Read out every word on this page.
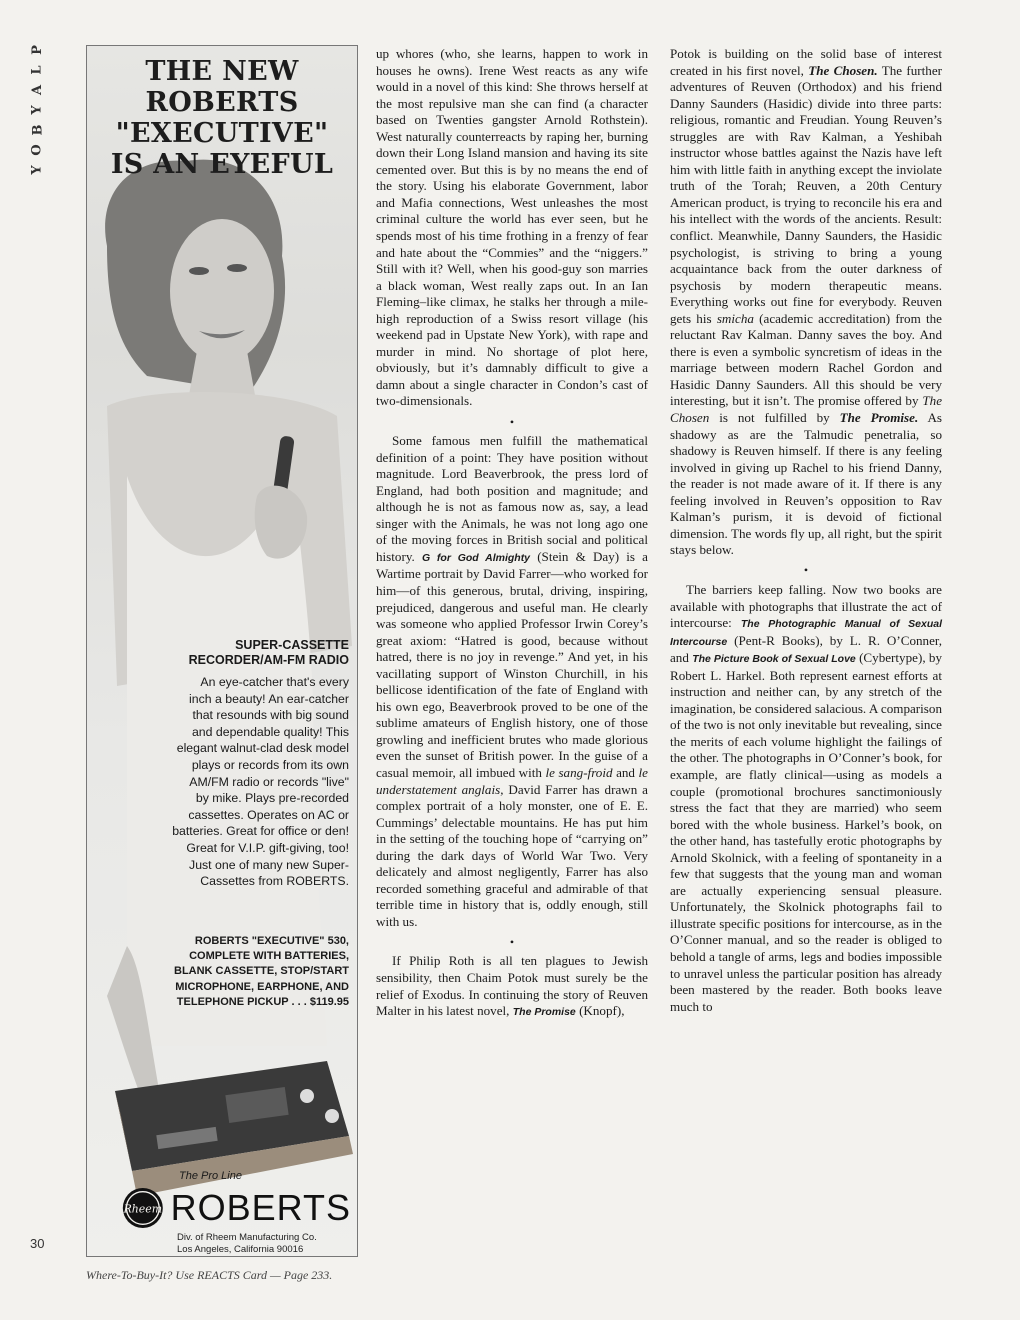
P
L
A
Y
B
O
Y
THE NEW
ROBERTS
"EXECUTIVE"
IS AN EYEFUL
SUPER-CASSETTE
RECORDER/AM-FM RADIO
An eye-catcher that's every
inch a beauty! An ear-catcher
that resounds with big sound
and dependable quality! This
elegant walnut-clad desk model
plays or records from its own
AM/FM radio or records "live"
by mike. Plays pre-recorded
cassettes. Operates on AC or
batteries. Great for office or den!
Great for V.I.P. gift-giving, too!
Just one of many new Super-
Cassettes from ROBERTS.
ROBERTS "EXECUTIVE" 530,
COMPLETE WITH BATTERIES,
BLANK CASSETTE, STOP/START
MICROPHONE, EARPHONE, AND
TELEPHONE PICKUP . . . $119.95
The Pro Line
Rheem ROBERTS
Div. of Rheem Manufacturing Co.
Los Angeles, California 90016

up whores (who, she learns, happen to work in houses he owns). Irene West reacts as any wife would in a novel of this kind: She throws herself at the most repulsive man she can find (a character based on Twenties gangster Arnold Rothstein). West naturally counterreacts by raping her, burning down their Long Island mansion and having its site cemented over. But this is by no means the end of the story. Using his elaborate Government, labor and Mafia connections, West unleashes the most criminal culture the world has ever seen, but he spends most of his time frothing in a frenzy of fear and hate about the “Commies” and the “niggers.” Still with it? Well, when his good-guy son marries a black woman, West really zaps out. In an Ian Fleming–like climax, he stalks her through a mile-high reproduction of a Swiss resort village (his weekend pad in Upstate New York), with rape and murder in mind. No shortage of plot here, obviously, but it’s damnably difficult to give a damn about a single character in Condon’s cast of two-dimensionals.

•

Some famous men fulfill the mathematical definition of a point: They have position without magnitude. Lord Beaverbrook, the press lord of England, had both position and magnitude; and although he is not as famous now as, say, a lead singer with the Animals, he was not long ago one of the moving forces in British social and political history. G for God Almighty (Stein & Day) is a Wartime portrait by David Farrer—who worked for him—of this generous, brutal, driving, inspiring, prejudiced, dangerous and useful man. He clearly was someone who applied Professor Irwin Corey’s great axiom: “Hatred is good, because without hatred, there is no joy in revenge.” And yet, in his vacillating support of Winston Churchill, in his bellicose identification of the fate of England with his own ego, Beaverbrook proved to be one of the sublime amateurs of English history, one of those growling and inefficient brutes who made glorious even the sunset of British power. In the guise of a casual memoir, all imbued with le sang-froid and le understatement anglais, David Farrer has drawn a complex portrait of a holy monster, one of E. E. Cummings’ delectable mountains. He has put him in the setting of the touching hope of “carrying on” during the dark days of World War Two. Very delicately and almost negligently, Farrer has also recorded something graceful and admirable of that terrible time in history that is, oddly enough, still with us.

•

If Philip Roth is all ten plagues to Jewish sensibility, then Chaim Potok must surely be the relief of Exodus. In continuing the story of Reuven Malter in his latest novel, The Promise (Knopf),

Potok is building on the solid base of interest created in his first novel, The Chosen. The further adventures of Reuven (Orthodox) and his friend Danny Saunders (Hasidic) divide into three parts: religious, romantic and Freudian. Young Reuven’s struggles are with Rav Kalman, a Yeshibah instructor whose battles against the Nazis have left him with little faith in anything except the inviolate truth of the Torah; Reuven, a 20th Century American product, is trying to reconcile his era and his intellect with the words of the ancients. Result: conflict. Meanwhile, Danny Saunders, the Hasidic psychologist, is striving to bring a young acquaintance back from the outer darkness of psychosis by modern therapeutic means. Everything works out fine for everybody. Reuven gets his smicha (academic accreditation) from the reluctant Rav Kalman. Danny saves the boy. And there is even a symbolic syncretism of ideas in the marriage between modern Rachel Gordon and Hasidic Danny Saunders. All this should be very interesting, but it isn’t. The promise offered by The Chosen is not fulfilled by The Promise. As shadowy as are the Talmudic penetralia, so shadowy is Reuven himself. If there is any feeling involved in giving up Rachel to his friend Danny, the reader is not made aware of it. If there is any feeling involved in Reuven’s opposition to Rav Kalman’s purism, it is devoid of fictional dimension. The words fly up, all right, but the spirit stays below.

•

The barriers keep falling. Now two books are available with photographs that illustrate the act of intercourse: The Photographic Manual of Sexual Intercourse (Pent-R Books), by L. R. O’Conner, and The Picture Book of Sexual Love (Cybertype), by Robert L. Harkel. Both represent earnest efforts at instruction and neither can, by any stretch of the imagination, be considered salacious. A comparison of the two is not only inevitable but revealing, since the merits of each volume highlight the failings of the other. The photographs in O’Conner’s book, for example, are flatly clinical—using as models a couple (promotional brochures sanctimoniously stress the fact that they are married) who seem bored with the whole business. Harkel’s book, on the other hand, has tastefully erotic photographs by Arnold Skolnick, with a feeling of spontaneity in a few that suggests that the young man and woman are actually experiencing sensual pleasure. Unfortunately, the Skolnick photographs fail to illustrate specific positions for intercourse, as in the O’Conner manual, and so the reader is obliged to behold a tangle of arms, legs and bodies impossible to unravel unless the particular position has already been mastered by the reader. Both books leave much to

30
Where-To-Buy-It? Use REACTS Card — Page 233.
